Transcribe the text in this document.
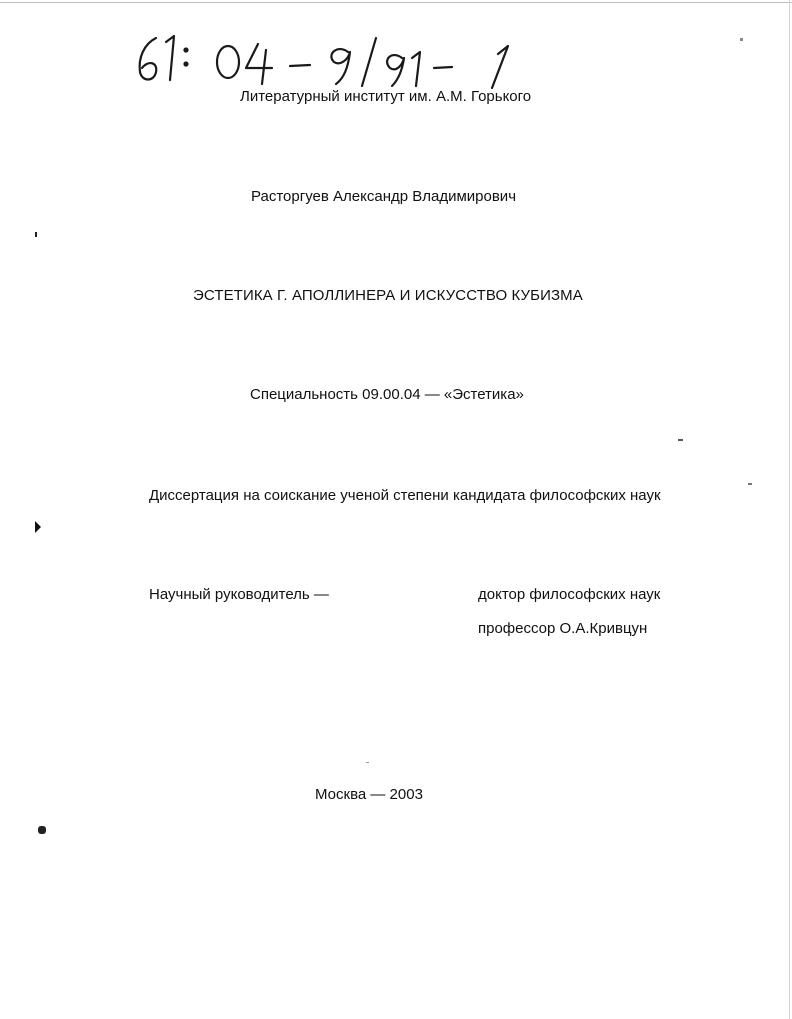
Литературный институт им. А.М. Горького
Расторгуев Александр Владимирович
ЭСТЕТИКА Г. АПОЛЛИНЕРА И ИСКУССТВО КУБИЗМА
Специальность 09.00.04 — «Эстетика»
Диссертация на соискание ученой степени кандидата философских наук
Научный руководитель —	доктор философских наук
профессор О.А.Кривцун
Москва — 2003
